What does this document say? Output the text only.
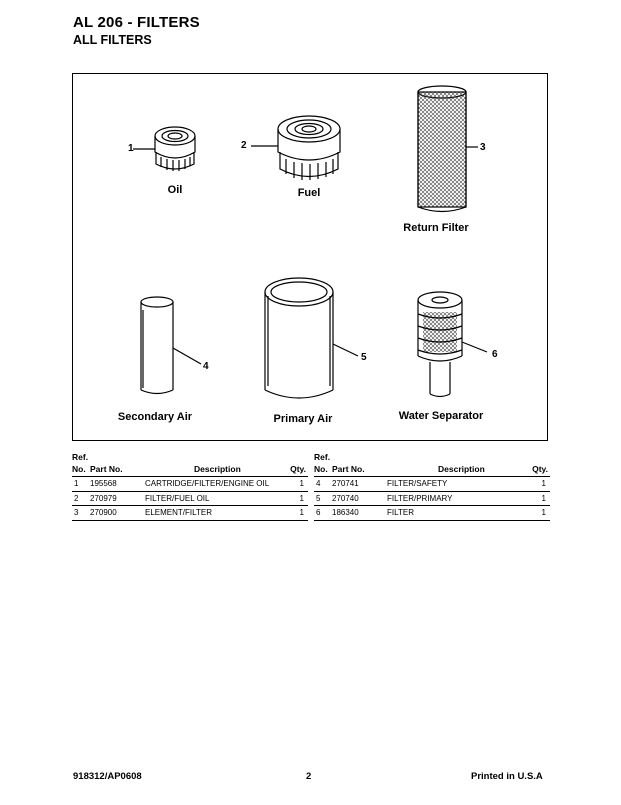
AL 206 - FILTERS
ALL FILTERS
1
Oil
2
Fuel
3
Return Filter
4
Secondary Air
5
Primary Air
6
Water Separator
Ref.
No. Part No.	Description	Qty.
1 195568	CARTRIDGE/FILTER/ENGINE OIL	1
2 270979	FILTER/FUEL OIL	1
3 270900	ELEMENT/FILTER	1
Ref.
No. Part No.	Description	Qty.
4 270741	FILTER/SAFETY	1
5 270740	FILTER/PRIMARY	1
6 186340	FILTER	1
918312/AP0608	2	Printed in U.S.A
